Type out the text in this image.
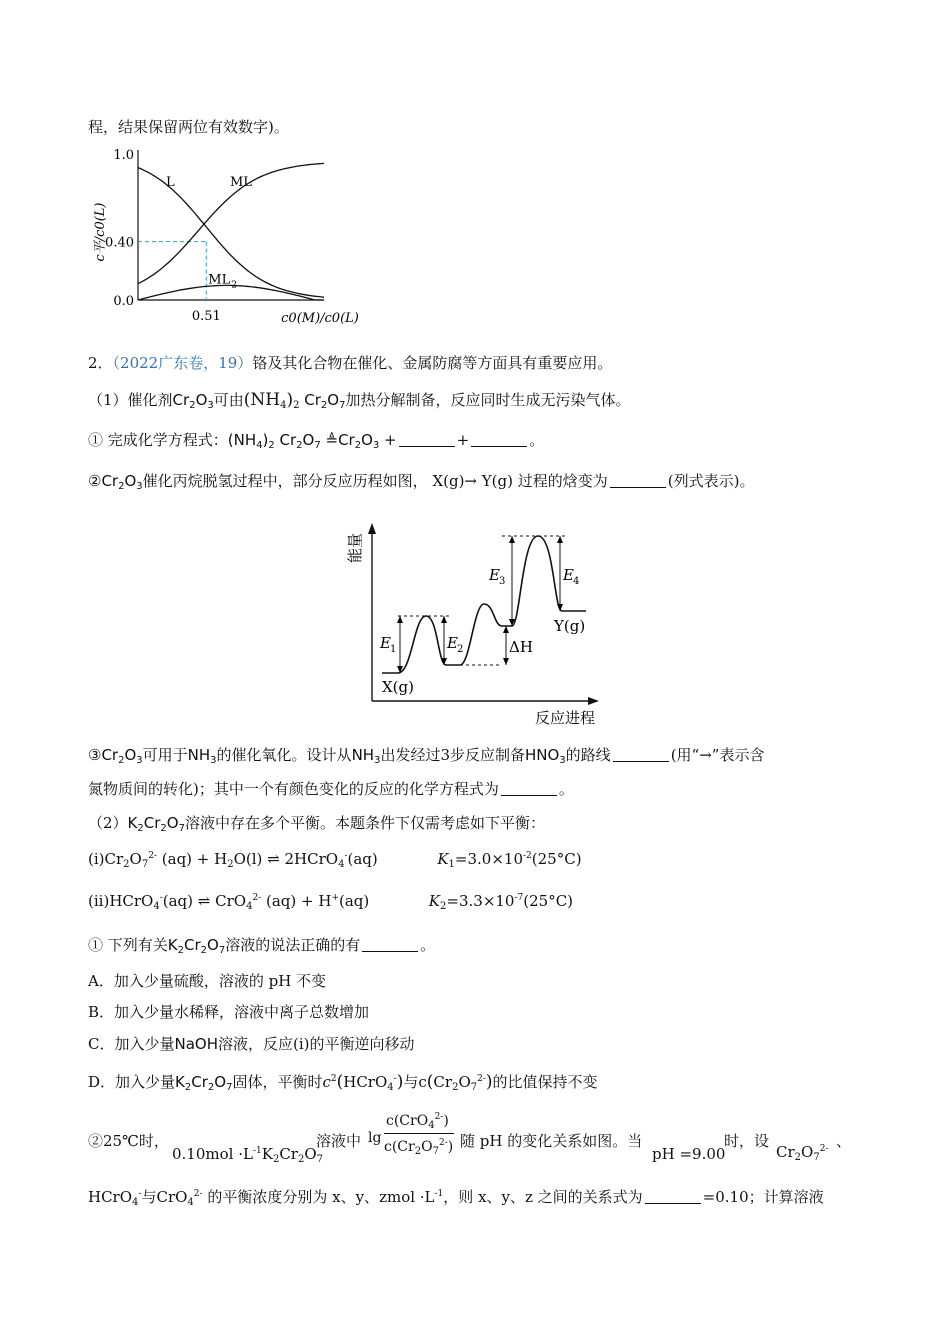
程，结果保留两位有效数字)。
1.0
0.40
0.0
0.51
L	ML
ML 2
c平/c0(L)
c0(M)/c0(L)
2．（2022广东卷，19）铬及其化合物在催化、金属防腐等方面具有重要应用。
（1）催化剂$Cr_2O_3$可由$(NH_4)_2$ $Cr_2O_7$加热分解制备，反应同时生成无污染气体。
① 完成化学方程式：$(NH_4)_2$ $Cr_2O_7$ $≜Cr_2O_3$ +	+	。
$②Cr_2O_3$催化丙烷脱氢过程中，部分反应历程如图， X(g)→ Y(g) 过程的焓变为	(列式表示)。
能量
反应进程
E 1	E 2
E 3	E 4
ΔH
X(g)
Y(g)
$③Cr_2O_3$可用于$NH_3$的催化氧化。设计从$NH_3$出发经过3步反应制备$HNO_3$的路线	(用“→”表示含
氮物质间的转化)；其中一个有颜色变化的反应的化学方程式为	。
$(2)K_2Cr_2O_7$溶液中存在多个平衡。本题条件下仅需考虑如下平衡：
$(i)Cr_2O_7^{2-}$ $(aq) + H_2O(l)$ ⇌ 2HCrO$_4$-(aq)	$K_1=3.0\times 10^{-2}(25^\circ C)$
(ii)HCrO$_4$-(aq) ⇌ CrO$_4^{2-}$ (aq) + H+(aq)	$K_2=3.3\times 10^{-7}(25^\circ C)$
① 下列有关$K_2Cr_2O_7$溶液的说法正确的有	。
A．加入少量硫酸，溶液的 pH 不变
B．加入少量水稀释，溶液中离子总数增加
C．加入少量NaOH溶液，反应(i)的平衡逆向移动
D．加入少量$K_2Cr_2O_7$固体，平衡时$c^2(HCrO_4^-)$与$c(Cr_2O_7^{2-})$的比值保持不变
②25℃时，
$0.10mol \cdot L^{-1}K_2Cr_2O_7$
溶液中 lg
c(CrO$_4^{2-}$)
$c(Cr_2O_7^{2-})$ 随 pH 的变化关系如图。当
pH =9.00
时，设
$Cr_2O_7^{2-}$ 、
HCrO$_4$-与CrO$_4^{2-}$ 的平衡浓度分别为 x、y、zmol $\cdot L^{-1}$，则 x、y、z 之间的关系式为	=0.10；计算溶液
